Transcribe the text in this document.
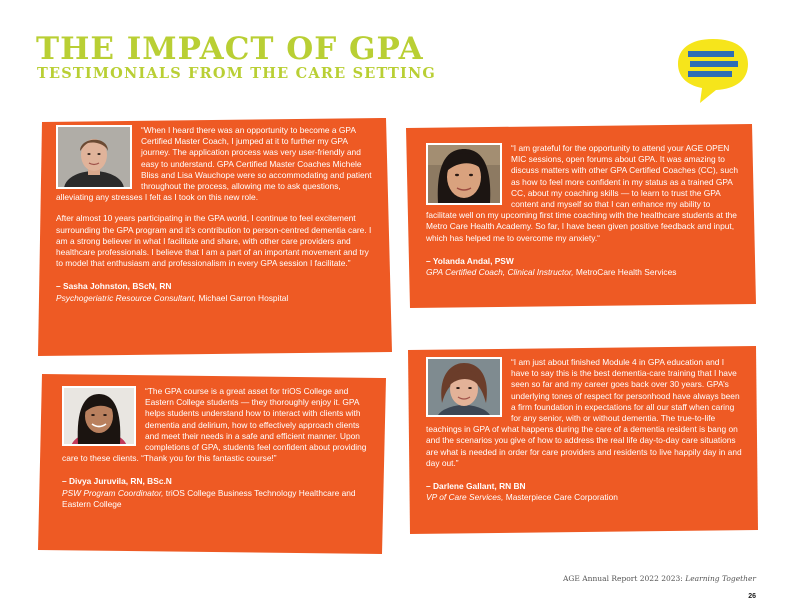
THE IMPACT OF GPA
TESTIMONIALS FROM THE CARE SETTING

“When I heard there was an opportunity to become a GPA Certified Master Coach, I jumped at it to further my GPA journey. The application process was very user-friendly and easy to understand. GPA Certified Master Coaches Michele Bliss and Lisa Wauchope were so accommodating and patient throughout the process, allowing me to ask questions, alleviating any stresses I felt as I took on this new role.

After almost 10 years participating in the GPA world, I continue to feel excitement surrounding the GPA program and it’s contribution to person-centred dementia care. I am a strong believer in what I facilitate and share, with other care providers and healthcare professionals. I believe that I am a part of an important movement and try to model that enthusiasm and professionalism in every GPA session I facilitate.”

– Sasha Johnston, BScN, RN
Psychogeriatric Resource Consultant, Michael Garron Hospital

“I am grateful for the opportunity to attend your AGE OPEN MIC sessions, open forums about GPA. It was amazing to discuss matters with other GPA Certified Coaches (CC), such as how to feel more confident in my status as a trained GPA CC, about my coaching skills — to learn to trust the GPA content and myself so that I can enhance my ability to facilitate well on my upcoming first time coaching with the healthcare students at the Metro Care Health Academy. So far, I have been given positive feedback and input, which has helped me to overcome my anxiety.“

– Yolanda Andal, PSW
GPA Certified Coach, Clinical Instructor, MetroCare Health Services

“The GPA course is a great asset for triOS College and Eastern College students — they thoroughly enjoy it. GPA helps students understand how to interact with clients with dementia and delirium, how to effectively approach clients and meet their needs in a safe and efficient manner. Upon completions of GPA, students feel confident about providing care to these clients. “Thank you for this fantastic course!”

– Divya Juruvila, RN, BSc.N
PSW Program Coordinator, triOS College Business Technology Healthcare and Eastern College

“I am just about finished Module 4 in GPA education and I have to say this is the best dementia-care training that I have seen so far and my career goes back over 30 years. GPA’s underlying tones of respect for personhood have always been a firm foundation in expectations for all our staff when caring for any senior, with or without dementia. The true-to-life teachings in GPA of what happens during the care of a dementia resident is bang on and the scenarios you give of how to address the real life day-to-day care situations are what is needed in order for care providers and residents to live happily day in and day out.”

– Darlene Gallant, RN BN
VP of Care Services, Masterpiece Care Corporation
AGE Annual Report 2022 2023: Learning Together
26
